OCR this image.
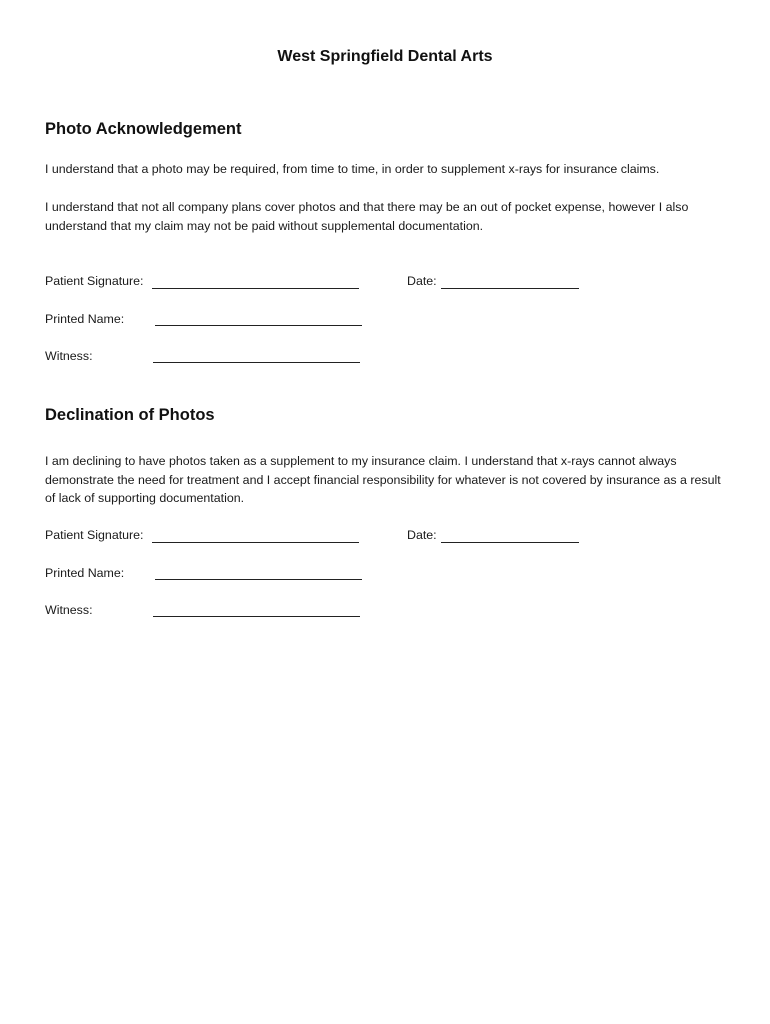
West Springfield Dental Arts
Photo Acknowledgement

I understand that a photo may be required, from time to time, in order to supplement x-rays for insurance claims.

I understand that not all company plans cover photos and that there may be an out of pocket expense, however I also understand that my claim may not be paid without supplemental documentation.

Patient Signature:	Date:
Printed Name:
Witness:
Declination of Photos

I am declining to have photos taken as a supplement to my insurance claim. I understand that x-rays cannot always demonstrate the need for treatment and I accept financial responsibility for whatever is not covered by insurance as a result of lack of supporting documentation.

Patient Signature:	Date:
Printed Name:
Witness:
